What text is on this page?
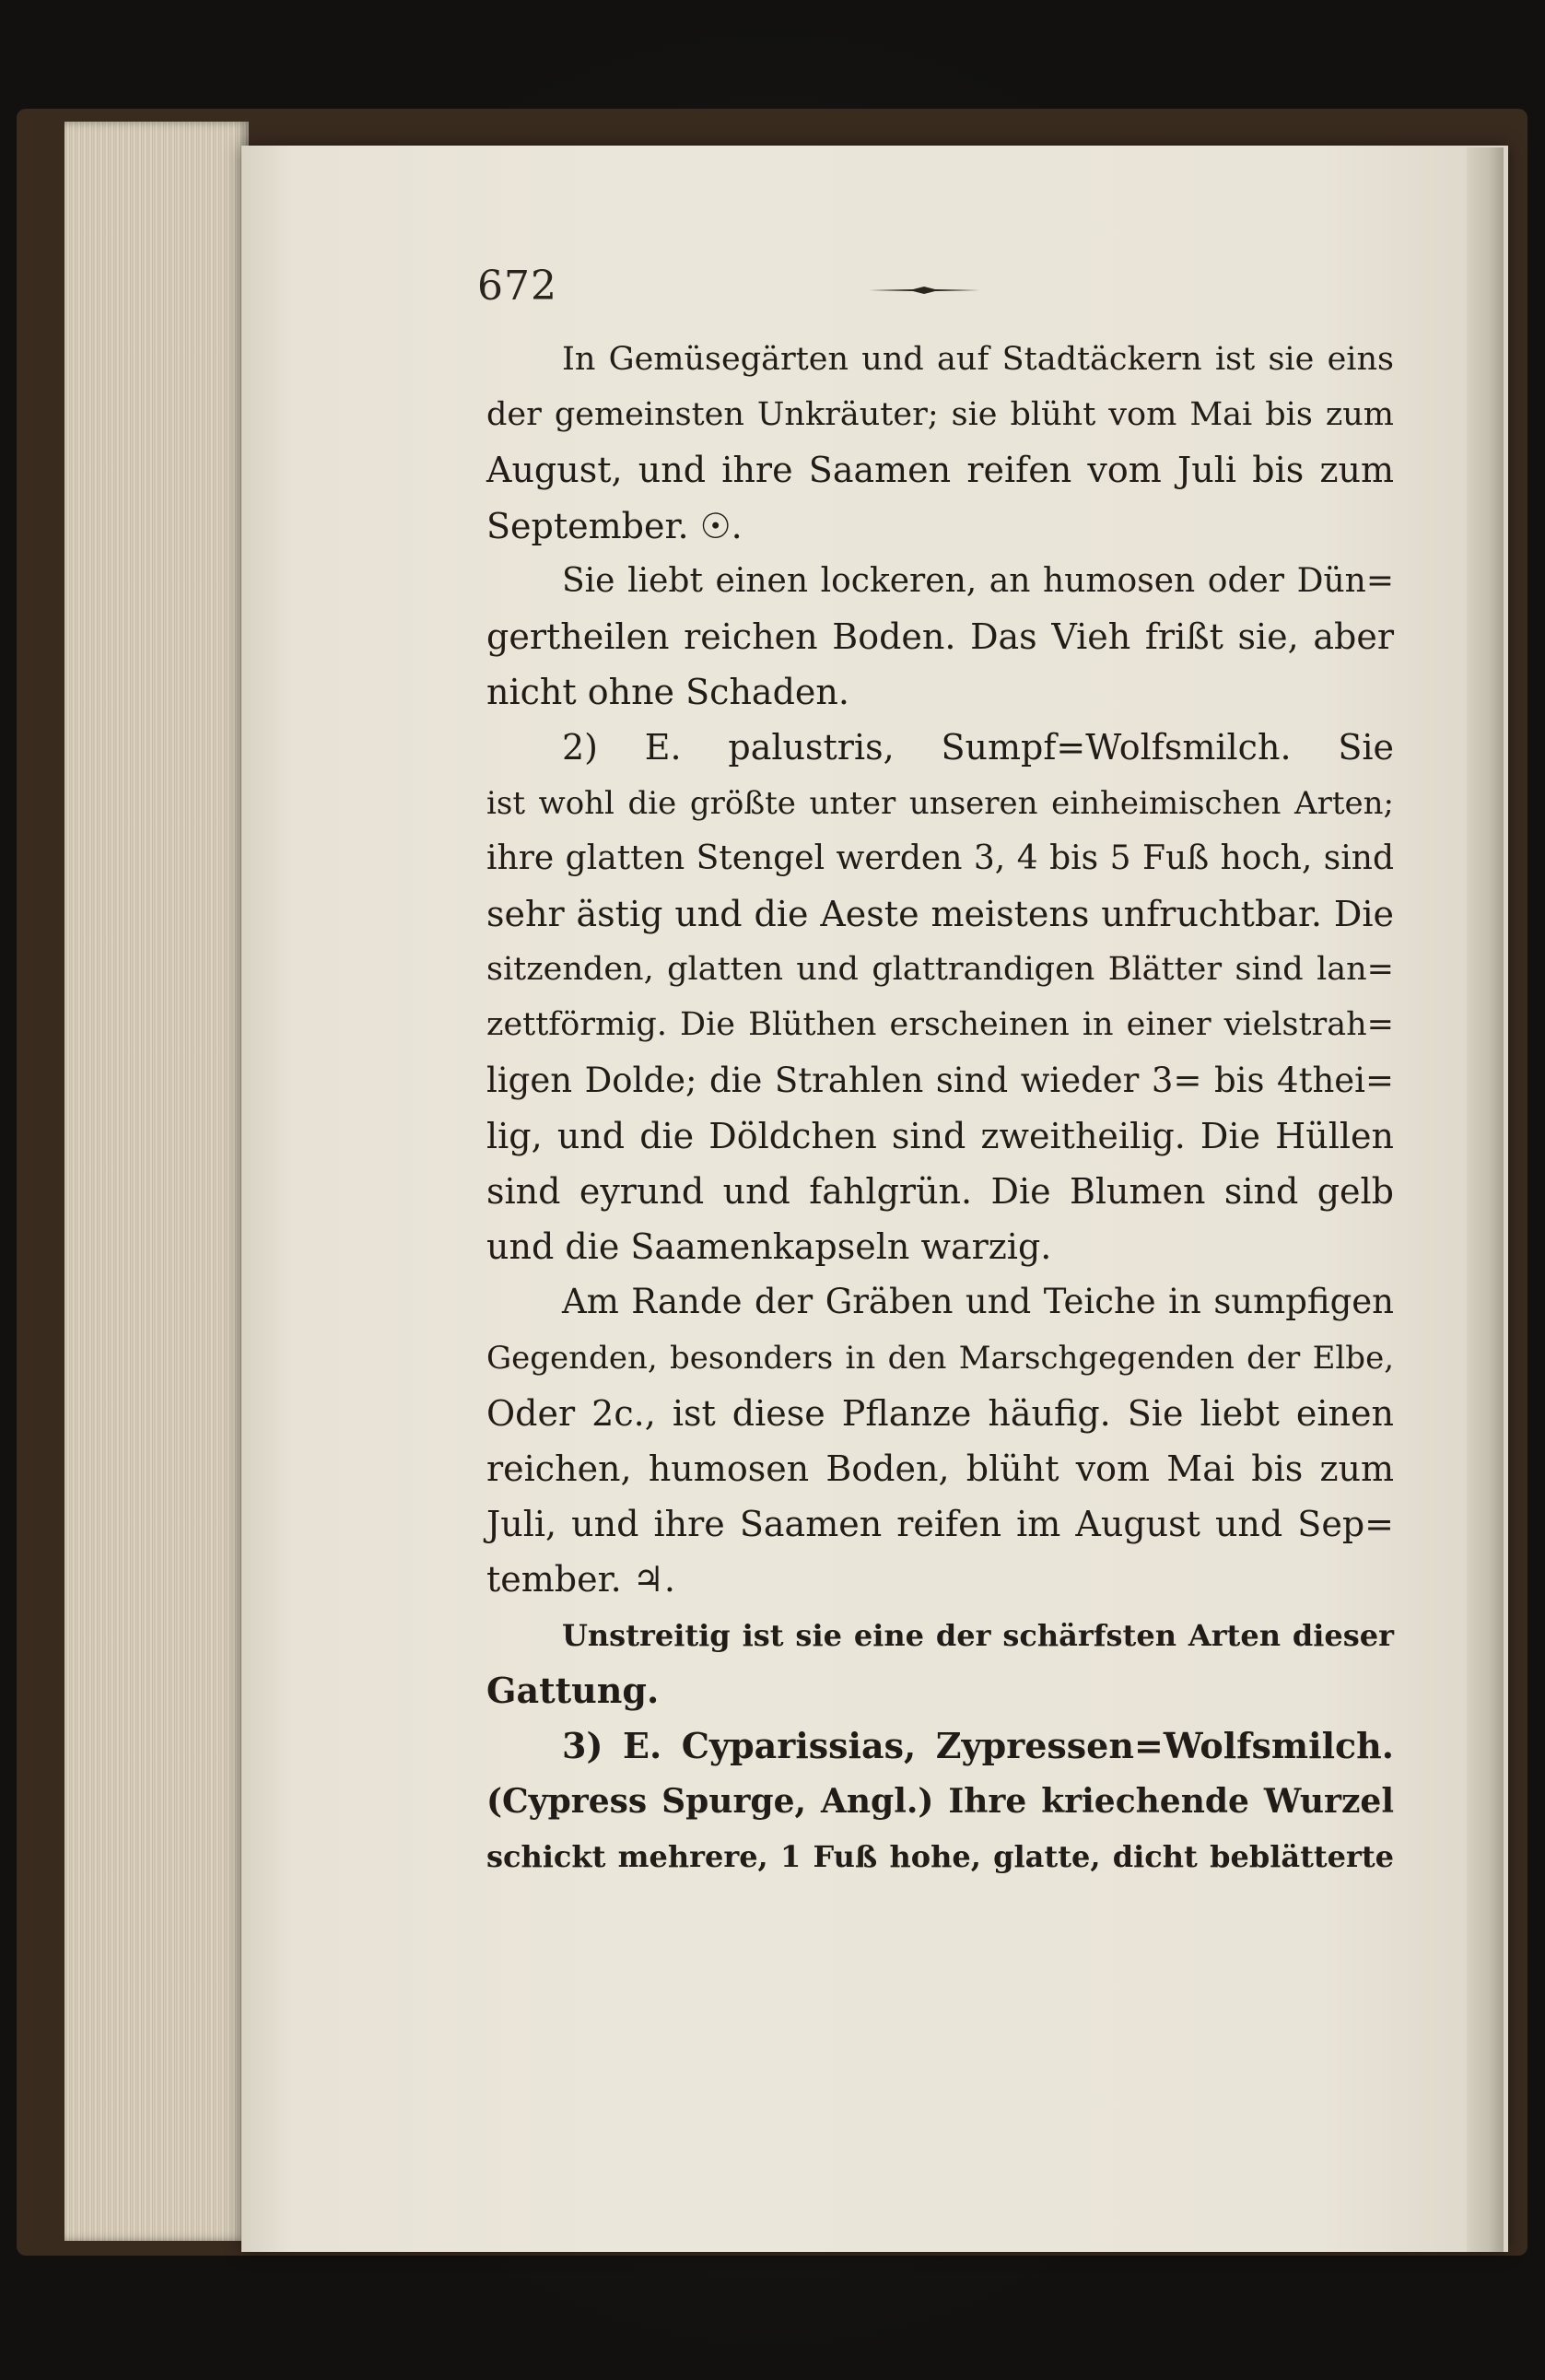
672

In Gemüsegärten und auf Stadtäckern ist sie eins
der gemeinsten Unkräuter; sie blüht vom Mai bis zum
August, und ihre Saamen reifen vom Juli bis zum
September. ☉.

Sie liebt einen lockeren, an humosen oder Dün=
gertheilen reichen Boden. Das Vieh frißt sie, aber
nicht ohne Schaden.

2) E. palustris, Sumpf=Wolfsmilch. Sie
ist wohl die größte unter unseren einheimischen Arten;
ihre glatten Stengel werden 3, 4 bis 5 Fuß hoch, sind
sehr ästig und die Aeste meistens unfruchtbar. Die
sitzenden, glatten und glattrandigen Blätter sind lan=
zettförmig. Die Blüthen erscheinen in einer vielstrah=
ligen Dolde; die Strahlen sind wieder 3= bis 4thei=
lig, und die Döldchen sind zweitheilig. Die Hüllen
sind eyrund und fahlgrün. Die Blumen sind gelb
und die Saamenkapseln warzig.

Am Rande der Gräben und Teiche in sumpfigen
Gegenden, besonders in den Marschgegenden der Elbe,
Oder 2c., ist diese Pflanze häufig. Sie liebt einen
reichen, humosen Boden, blüht vom Mai bis zum
Juli, und ihre Saamen reifen im August und Sep=
tember. ♃.

Unstreitig ist sie eine der schärfsten Arten dieser
Gattung.

3) E. Cyparissias, Zypressen=Wolfsmilch.
(Cypress Spurge, Angl.) Ihre kriechende Wurzel
schickt mehrere, 1 Fuß hohe, glatte, dicht beblätterte
